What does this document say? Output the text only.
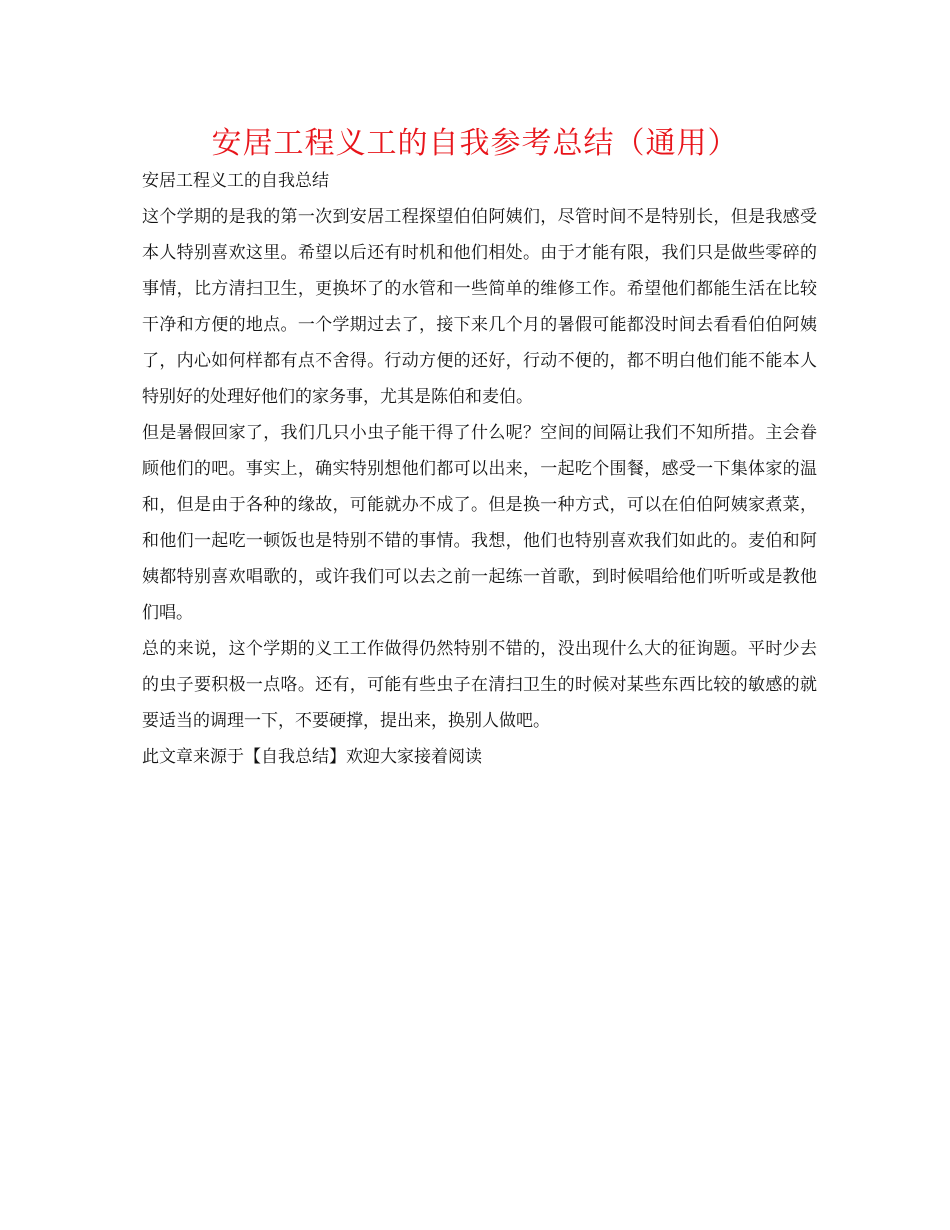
安居工程义工的自我参考总结（通用）

安居工程义工的自我总结

这个学期的是我的第一次到安居工程探望伯伯阿姨们，尽管时间不是特别长，但是我感受本人特别喜欢这里。希望以后还有时机和他们相处。由于才能有限，我们只是做些零碎的事情，比方清扫卫生，更换坏了的水管和一些简单的维修工作。希望他们都能生活在比较干净和方便的地点。一个学期过去了，接下来几个月的暑假可能都没时间去看看伯伯阿姨了，内心如何样都有点不舍得。行动方便的还好，行动不便的，都不明白他们能不能本人特别好的处理好他们的家务事，尤其是陈伯和麦伯。

但是暑假回家了，我们几只小虫子能干得了什么呢？空间的间隔让我们不知所措。主会眷顾他们的吧。事实上，确实特别想他们都可以出来，一起吃个围餐，感受一下集体家的温和，但是由于各种的缘故，可能就办不成了。但是换一种方式，可以在伯伯阿姨家煮菜，和他们一起吃一顿饭也是特别不错的事情。我想，他们也特别喜欢我们如此的。麦伯和阿姨都特别喜欢唱歌的，或许我们可以去之前一起练一首歌，到时候唱给他们听听或是教他们唱。

总的来说，这个学期的义工工作做得仍然特别不错的，没出现什么大的征询题。平时少去的虫子要积极一点咯。还有，可能有些虫子在清扫卫生的时候对某些东西比较的敏感的就要适当的调理一下，不要硬撑，提出来，换别人做吧。

此文章来源于【自我总结】欢迎大家接着阅读
